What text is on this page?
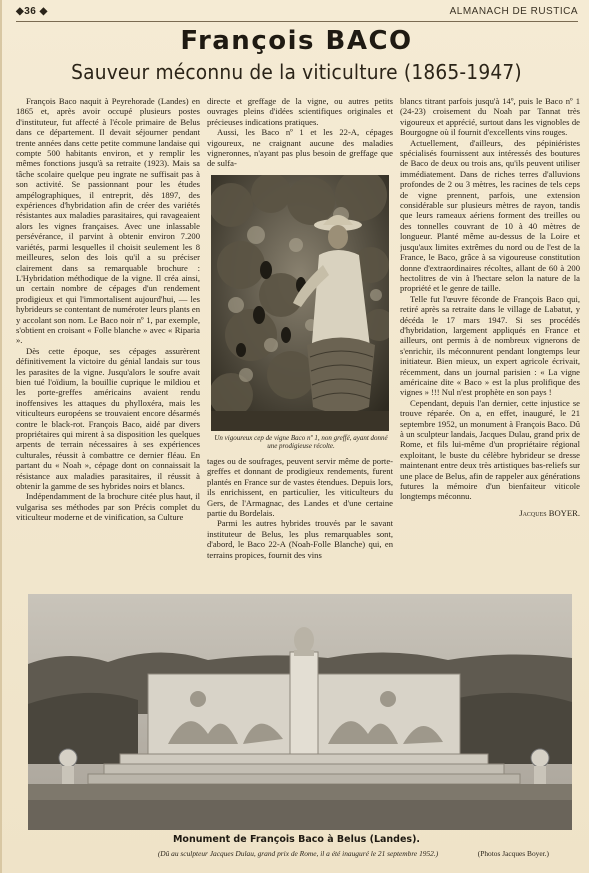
◆36 ◆	ALMANACH DE RUSTICA
François BACO
Sauveur méconnu de la viticulture (1865-1947)

François Baco naquit à Peyrehorade (Landes) en 1865 et, après avoir occupé plusieurs postes d'instituteur, fut affecté à l'école primaire de Belus dans ce département. Il devait séjourner pendant trente années dans cette petite commune landaise qui compte 500 habitants environ, et y remplir les mêmes fonctions jusqu'à sa retraite (1923). Mais sa tâche scolaire quelque peu ingrate ne suffisait pas à son activité. Se passionnant pour les études ampélographiques, il entreprit, dès 1897, des expériences d'hybridation afin de créer des variétés résistantes aux maladies parasitaires, qui ravageaient alors les vignes françaises. Avec une inlassable persévérance, il parvint à obtenir environ 7.200 variétés, parmi lesquelles il choisit seulement les 8 meilleures, selon des lois qu'il a su préciser clairement dans sa remarquable brochure : L'Hybridation méthodique de la vigne. Il créa ainsi, un certain nombre de cépages d'un rendement prodigieux et qui l'immortalisent aujourd'hui, — les hybrideurs se contentant de numéroter leurs plants en y accolant son nom. Le Baco noir nº 1, par exemple, s'obtient en croisant « Folle blanche » avec « Riparia ».

Dès cette époque, ses cépages assurèrent définitivement la victoire du génial landais sur tous les parasites de la vigne. Jusqu'alors le soufre avait bien tué l'oïdium, la bouillie cuprique le mildiou et les porte-greffes américains avaient rendu inoffensives les attaques du phylloxéra, mais les viticulteurs européens se trouvaient encore désarmés contre le black-rot. François Baco, aidé par divers propriétaires qui mirent à sa disposition les quelques arpents de terrain nécessaires à ses expériences culturales, réussit à combattre ce dernier fléau. En partant du « Noah », cépage dont on connaissait la résistance aux maladies parasitaires, il réussit à obtenir la gamme de ses hybrides noirs et blancs.

Indépendamment de la brochure citée plus haut, il vulgarisa ses méthodes par son Précis complet du viticulteur moderne et de vinification, sa Culture

directe et greffage de la vigne, ou autres petits ouvrages pleins d'idées scientifiques originales et précieuses indications pratiques.

Aussi, les Baco nº 1 et les 22-A, cépages vigoureux, ne craignant aucune des maladies vigneronnes, n'ayant pas plus besoin de greffage que de sulfa-

Un vigoureux cep de vigne Baco nº 1, non greffé, ayant donné une prodigieuse récolte.

tages ou de soufrages, peuvent servir même de porte-greffes et donnant de prodigieux rendements, furent plantés en France sur de vastes étendues. Depuis lors, ils enrichissent, en particulier, les viticulteurs du Gers, de l'Armagnac, des Landes et d'une certaine partie du Bordelais.

Parmi les autres hybrides trouvés par le savant instituteur de Belus, les plus remarquables sont, d'abord, le Baco 22-A (Noah-Folle Blanche) qui, en terrains propices, fournit des vins

blancs titrant parfois jusqu'à 14º, puis le Baco nº 1 (24-23) croisement du Noah par Tannat très vigoureux et apprécié, surtout dans les vignobles de Bourgogne où il fournit d'excellents vins rouges.

Actuellement, d'ailleurs, des pépiniéristes spécialisés fournissent aux intéressés des boutures de Baco de deux ou trois ans, qu'ils peuvent utiliser immédiatement. Dans de riches terres d'alluvions profondes de 2 ou 3 mètres, les racines de tels ceps de vigne prennent, parfois, une extension considérable sur plusieurs mètres de rayon, tandis que leurs rameaux aériens forment des treilles ou des tonnelles couvrant de 10 à 40 mètres de longueur. Planté même au-dessus de la Loire et jusqu'aux limites extrêmes du nord ou de l'est de la France, le Baco, grâce à sa vigoureuse constitution donne d'extraordinaires récoltes, allant de 60 à 200 hectolitres de vin à l'hectare selon la nature de la propriété et le genre de taille.

Telle fut l'œuvre féconde de François Baco qui, retiré après sa retraite dans le village de Labatut, y décéda le 17 mars 1947. Si ses procédés d'hybridation, largement appliqués en France et ailleurs, ont permis à de nombreux vignerons de s'enrichir, ils méconnurent pendant longtemps leur initiateur. Bien mieux, un expert agricole écrivait, récemment, dans un journal parisien : « La vigne américaine dite « Baco » est la plus prolifique des vignes » !!! Nul n'est prophète en son pays !

Cependant, depuis l'an dernier, cette injustice se trouve réparée. On a, en effet, inauguré, le 21 septembre 1952, un monument à François Baco. Dû à un sculpteur landais, Jacques Dulau, grand prix de Rome, et fils lui-même d'un propriétaire régional exploitant, le buste du célèbre hybrideur se dresse maintenant entre deux très artistiques bas-reliefs sur une place de Belus, afin de rappeler aux générations futures la mémoire d'un bienfaiteur viticole longtemps méconnu.

Jacques BOYER.
Monument de François Baco à Belus (Landes).
(Dû au sculpteur Jacques Dulau, grand prix de Rome, il a été inauguré le 21 septembre 1952.)	(Photos Jacques Boyer.)
